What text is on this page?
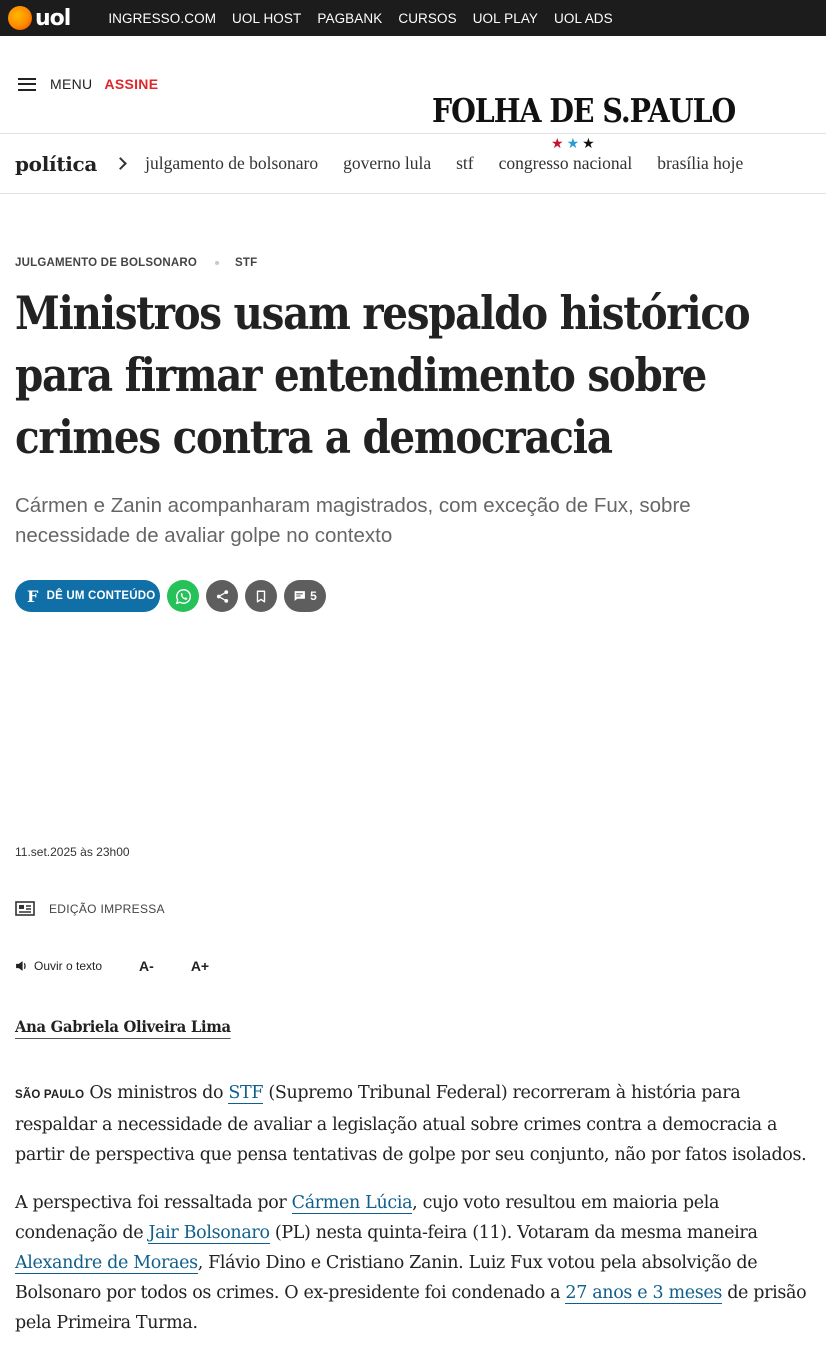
uol	INGRESSO.COM UOL HOST PAGBANK CURSOS UOL PLAY UOL ADS
MENU ASSINE
FOLHA DE S.PAULO
★★★
política	julgamento de bolsonaro governo lula stf congresso nacional brasília hoje
JULGAMENTO DE BOLSONARO	STF
Ministros usam respaldo histórico para firmar entendimento sobre crimes contra a democracia
Cármen e Zanin acompanharam magistrados, com exceção de Fux, sobre necessidade de avaliar golpe no contexto
F DÊ UM CONTEÚDO	5
11.set.2025 às 23h00
EDIÇÃO IMPRESSA
Ouvir o texto	A-	A+
Ana Gabriela Oliveira Lima

SÃO PAULO Os ministros do STF (Supremo Tribunal Federal) recorreram à história para respaldar a necessidade de avaliar a legislação atual sobre crimes contra a democracia a partir de perspectiva que pensa tentativas de golpe por seu conjunto, não por fatos isolados.

A perspectiva foi ressaltada por Cármen Lúcia, cujo voto resultou em maioria pela condenação de Jair Bolsonaro (PL) nesta quinta-feira (11). Votaram da mesma maneira Alexandre de Moraes, Flávio Dino e Cristiano Zanin. Luiz Fux votou pela absolvição de Bolsonaro por todos os crimes. O ex-presidente foi condenado a 27 anos e 3 meses de prisão pela Primeira Turma.
